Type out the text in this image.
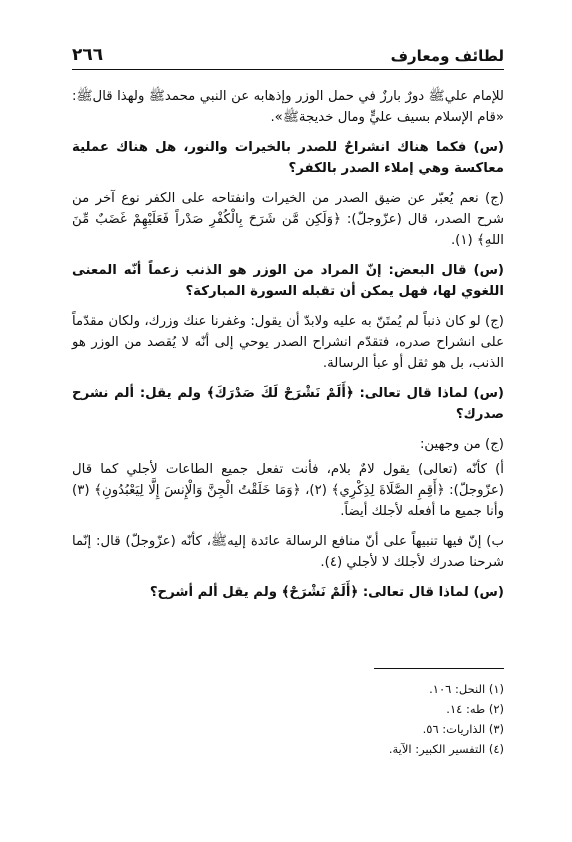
لطائف ومعارف
٢٦٦

للإمام عليﷺ دورٌ بارزٌ في حمل الوزر وإذهابه عن النبي محمدﷺ ولهذا قالﷺ: «قام الإسلام بسيف عليٍّ ومال خديجةﷺ».

(س) فكما هناك انشراحٌ للصدر بالخيرات والنور، هل هناك عملية معاكسة وهي إملاء الصدر بالكفر؟

(ج) نعم يُعبّر عن ضيق الصدر من الخيرات وانفتاحه على الكفر نوع آخر من شرح الصدر، قال (عزّوجلّ): ﴿وَلَكِن مَّن شَرَحَ بِالْكُفْرِ صَدْراً فَعَلَيْهِمْ غَضَبٌ مِّنَ اللهِ﴾ (١).

(س) قال البعض: إنّ المراد من الوزر هو الذنب زعماً أنّه المعنى اللغوي لها، فهل يمكن أن تقبله السورة المباركة؟

(ج) لو كان ذنباً لم يُمتَنّ به عليه ولابدّ أن يقول: وغفرنا عنك وزرك، ولكان مقدّماً على انشراح صدره، فتقدّم انشراح الصدر يوحي إلى أنّه لا يُقصد من الوزر هو الذنب، بل هو ثقل أو عبأ الرسالة.

(س) لماذا قال تعالى: ﴿أَلَمْ نَشْرَحْ لَكَ صَدْرَكَ﴾ ولم يقل: ألم نشرح صدرك؟

(ج) من وجهين:

أ) كأنّه (تعالى) يقول لامٌ بلام، فأنت تفعل جميع الطاعات لأجلي كما قال (عزّوجلّ): ﴿أَقِمِ الصَّلَاةَ لِذِكْرِي﴾ (٢)، ﴿وَمَا خَلَقْتُ الْجِنَّ وَالْإِنسَ إِلَّا لِيَعْبُدُونِ﴾ (٣) وأنا جميع ما أفعله لأجلك أيضاً.

ب) إنّ فيها تنبيهاً على أنّ منافع الرسالة عائدة إليهﷺ، كأنّه (عزّوجلّ) قال: إنّما شرحنا صدرك لأجلك لا لأجلي (٤).

(س) لماذا قال تعالى: ﴿أَلَمْ نَشْرَحْ﴾ ولم يقل ألم أشرح؟

(١) النحل: ١٠٦.
(٢) طه: ١٤.
(٣) الذاريات: ٥٦.
(٤) التفسير الكبير: الآية.
